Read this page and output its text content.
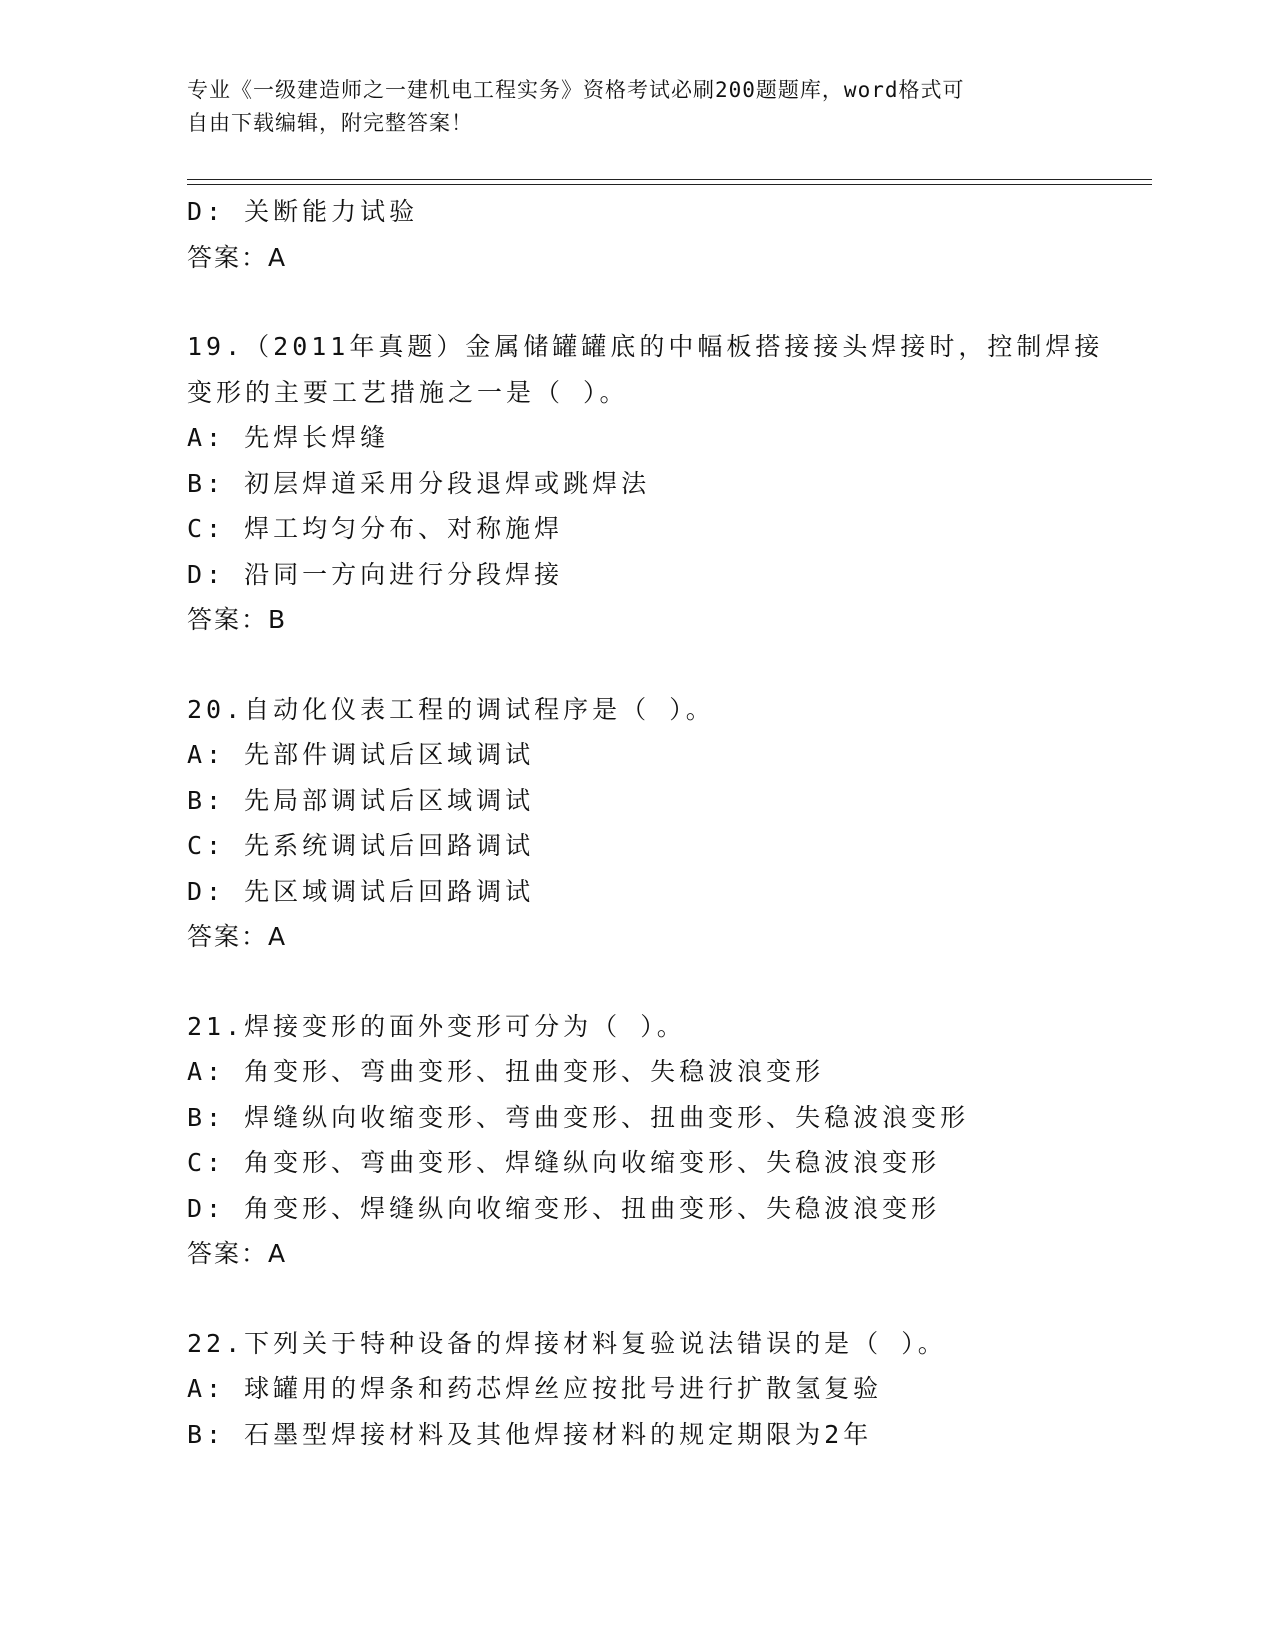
专业《一级建造师之一建机电工程实务》资格考试必刷200题题库，word格式可
自由下载编辑，附完整答案！

D: 关断能力试验

答案：A

19.（2011年真题）金属储罐罐底的中幅板搭接接头焊接时，控制焊接

变形的主要工艺措施之一是（ ）。

A: 先焊长焊缝

B: 初层焊道采用分段退焊或跳焊法

C: 焊工均匀分布、对称施焊

D: 沿同一方向进行分段焊接

答案：B

20.自动化仪表工程的调试程序是（ ）。

A: 先部件调试后区域调试

B: 先局部调试后区域调试

C: 先系统调试后回路调试

D: 先区域调试后回路调试

答案：A

21.焊接变形的面外变形可分为（ ）。

A: 角变形、弯曲变形、扭曲变形、失稳波浪变形

B: 焊缝纵向收缩变形、弯曲变形、扭曲变形、失稳波浪变形

C: 角变形、弯曲变形、焊缝纵向收缩变形、失稳波浪变形

D: 角变形、焊缝纵向收缩变形、扭曲变形、失稳波浪变形

答案：A

22.下列关于特种设备的焊接材料复验说法错误的是（ ）。

A: 球罐用的焊条和药芯焊丝应按批号进行扩散氢复验

B: 石墨型焊接材料及其他焊接材料的规定期限为2年
